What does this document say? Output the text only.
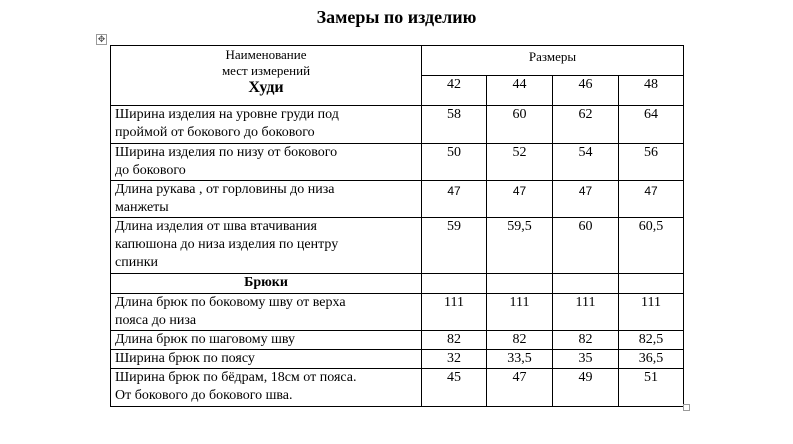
Замеры по изделию
✥
Наименование
мест измерений
Худи	Размеры			
	42	44	46	48

Ширина изделия на уровне груди под
проймой от бокового до бокового	58	60	62	64

Ширина изделия по низу от бокового
до бокового	50	52	54	56

Длина рукава , от горловины до низа
манжеты	47	47	47	47

Длина изделия от шва втачивания
капюшона до низа изделия по центру
спинки	59	59,5	60	60,5
Брюки				

Длина брюк по боковому шву от верха
пояса до низа	111	111	111	111

Длина брюк по шаговому шву	82	82	82	82,5

Ширина брюк по поясу	32	33,5	35	36,5

Ширина брюк по бёдрам, 18см от пояса.
От бокового до бокового шва.	45	47	49	51
